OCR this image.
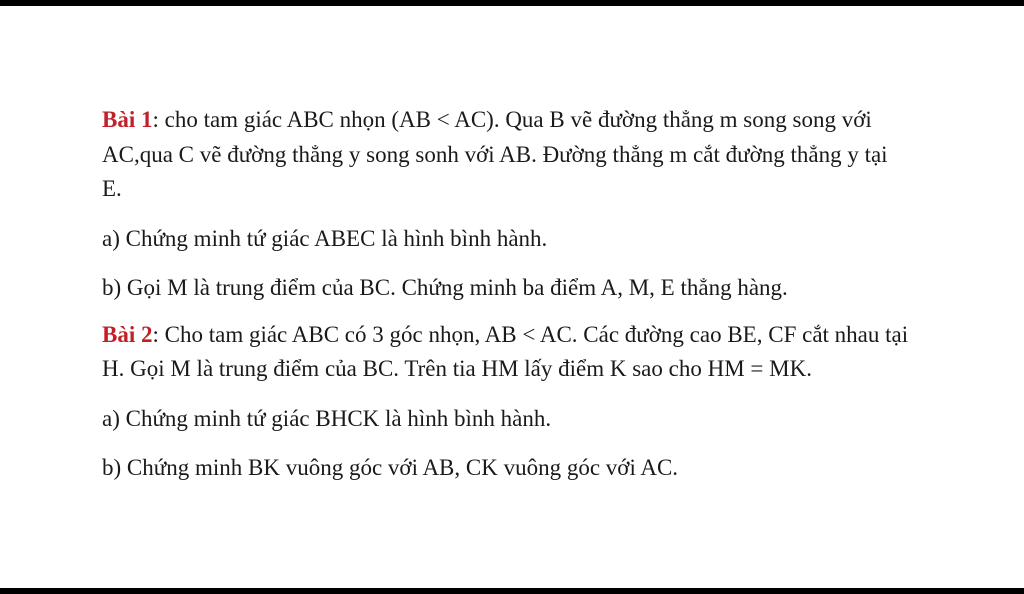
Bài 1: cho tam giác ABC nhọn (AB < AC). Qua B vẽ đường thẳng m song song với AC,qua C vẽ đường thẳng y song sonh với AB. Đường thẳng m cắt đường thẳng y tại E.

a) Chứng minh tứ giác ABEC là hình bình hành.

b) Gọi M là trung điểm của BC. Chứng minh ba điểm A, M, E thẳng hàng.

Bài 2: Cho tam giác ABC có 3 góc nhọn, AB < AC. Các đường cao BE, CF cắt nhau tại H. Gọi M là trung điểm của BC. Trên tia HM lấy điểm K sao cho HM = MK.

a) Chứng minh tứ giác BHCK là hình bình hành.

b) Chứng minh BK vuông góc với AB, CK vuông góc với AC.
